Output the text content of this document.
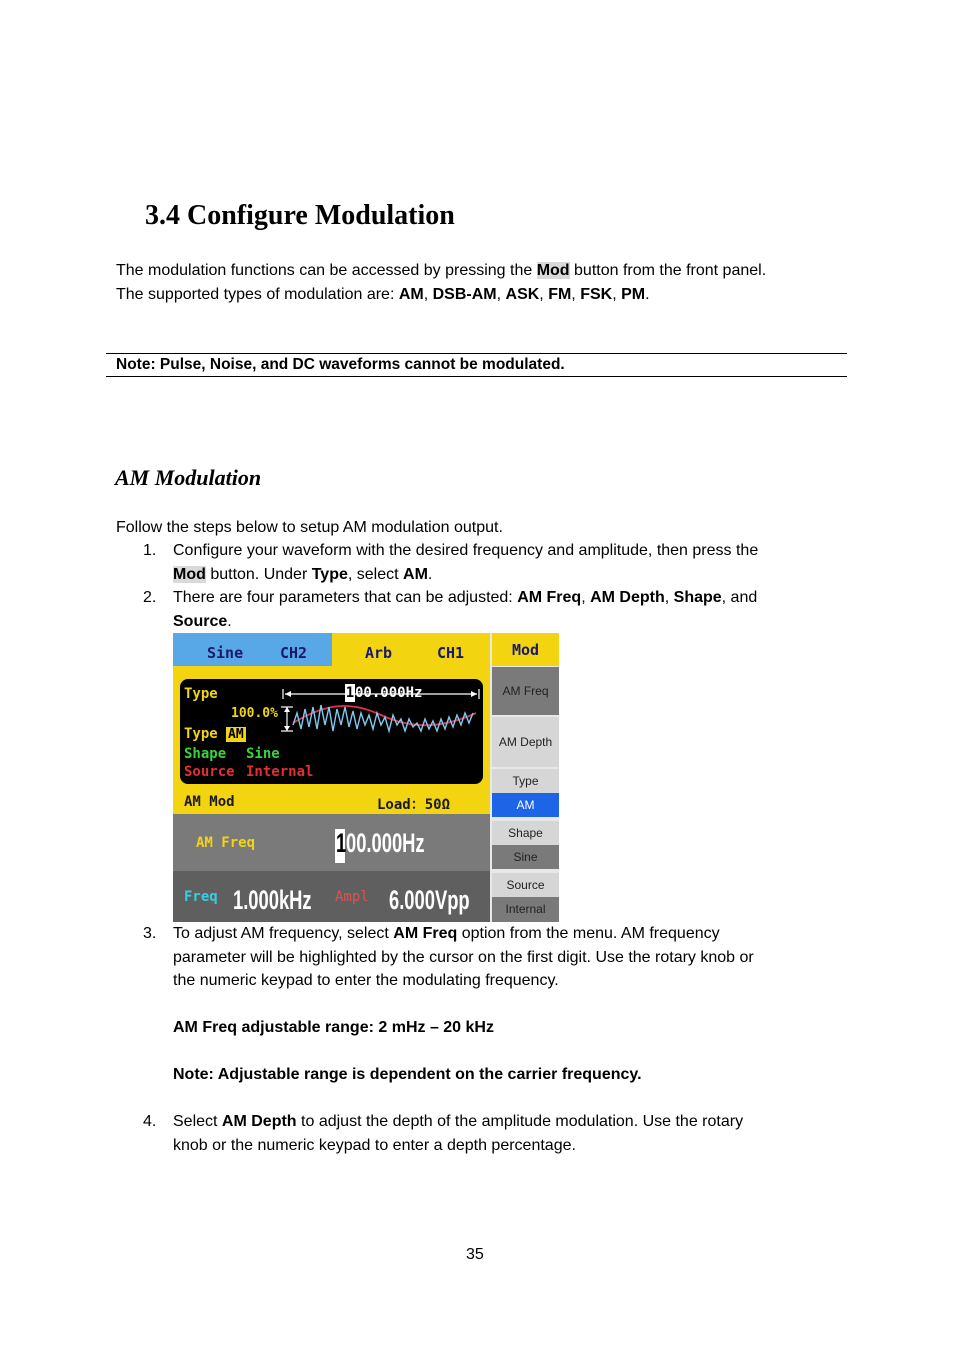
3.4 Configure Modulation
The modulation functions can be accessed by pressing the Mod button from the front panel.
The supported types of modulation are: AM, DSB-AM, ASK, FM, FSK, PM.
Note: Pulse, Noise, and DC waveforms cannot be modulated.
AM Modulation
Follow the steps below to setup AM modulation output.
1. Configure your waveform with the desired frequency and amplitude, then press the
Mod button. Under Type, select AM.
2. There are four parameters that can be adjusted: AM Freq, AM Depth, Shape, and
Source.
Sine CH2	Arb	CH1
1 00.000Hz
Type
100.0%
Type AM
Shape Sine
Source Internal
AM Mod	Load：50Ω
AM Freq	1 00.000Hz
Freq 1.000kHz Ampl 6.000Vpp
Mod
AM Freq
AM Depth
Type
AM
Shape
Sine
Source
Internal
3. To adjust AM frequency, select AM Freq option from the menu. AM frequency
parameter will be highlighted by the cursor on the first digit. Use the rotary knob or
the numeric keypad to enter the modulating frequency.
AM Freq adjustable range: 2 mHz – 20 kHz
Note: Adjustable range is dependent on the carrier frequency.
4. Select AM Depth to adjust the depth of the amplitude modulation. Use the rotary
knob or the numeric keypad to enter a depth percentage.
35
